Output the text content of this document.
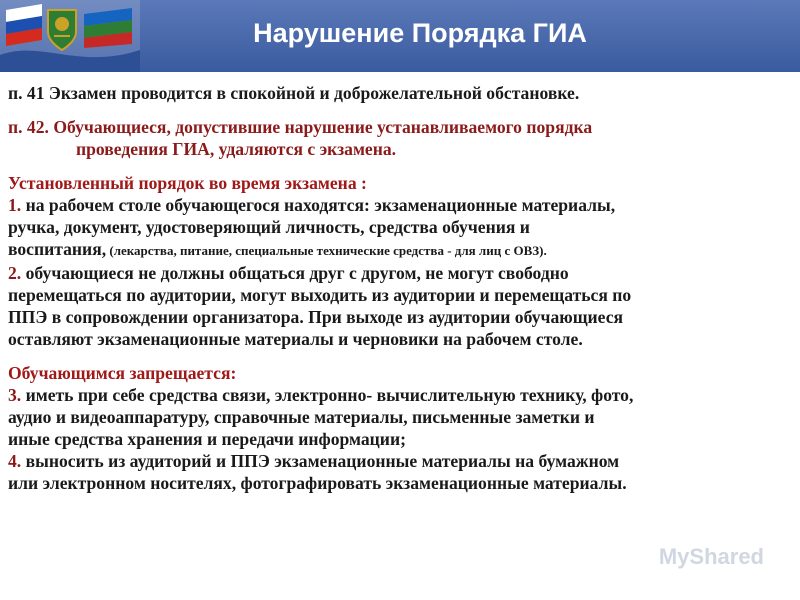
Нарушение Порядка ГИА
п. 41 Экзамен проводится в спокойной и доброжелательной обстановке.
п. 42. Обучающиеся, допустившие нарушение устанавливаемого порядка
проведения ГИА, удаляются с экзамена.
Установленный порядок во время экзамена :
1. на рабочем столе обучающегося находятся: экзаменационные материалы,
ручка, документ, удостоверяющий личность, средства обучения и
воспитания, (лекарства, питание, специальные технические средства - для лиц с ОВЗ).
2. обучающиеся не должны общаться друг с другом, не могут свободно
перемещаться по аудитории, могут выходить из аудитории и перемещаться по
ППЭ в сопровождении организатора. При выходе из аудитории обучающиеся
оставляют экзаменационные материалы и черновики на рабочем столе.
Обучающимся запрещается:
3. иметь при себе средства связи, электронно- вычислительную технику, фото,
аудио и видеоаппаратуру, справочные материалы, письменные заметки и
иные средства хранения и передачи информации;
4. выносить из аудиторий и ППЭ экзаменационные материалы на бумажном
или электронном носителях, фотографировать экзаменационные материалы.
MyShared
